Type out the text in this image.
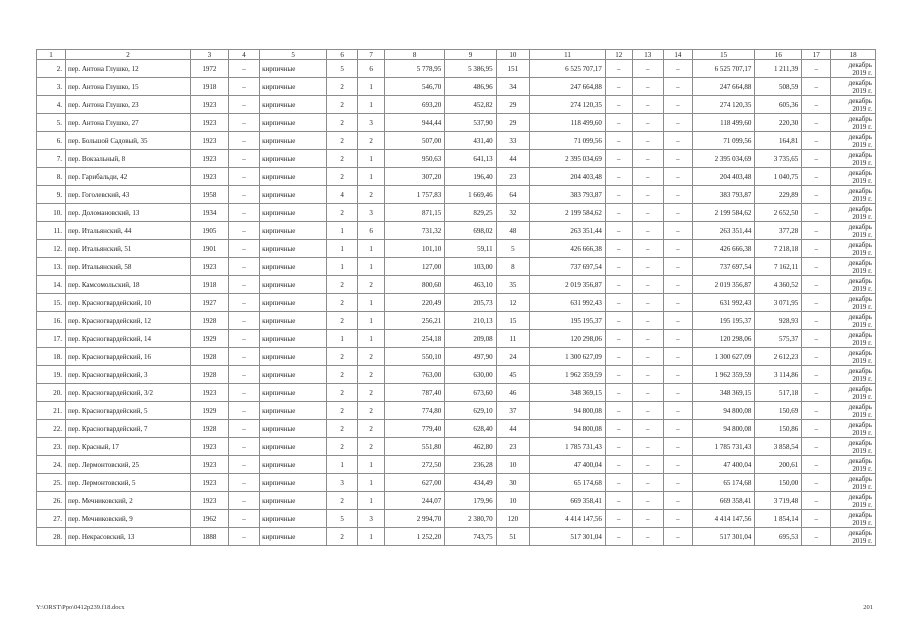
1	2	3	4	5	6	7	8	9	10	11	12	13	14	15	16	17	18
2.	пер. Антона Глушко, 12	1972	–	кирпичные	5	6	5 778,95	5 386,95	151	6 525 707,17	–	–	–	6 525 707,17	1 211,39	–	декабрь 2019 г.
3.	пер. Антона Глушко, 15	1918	–	кирпичные	2	1	546,70	486,96	34	247 664,88	–	–	–	247 664,88	508,59	–	декабрь 2019 г.
4.	пер. Антона Глушко, 23	1923	–	кирпичные	2	1	693,20	452,82	29	274 120,35	–	–	–	274 120,35	605,36	–	декабрь 2019 г.
5.	пер. Антона Глушко, 27	1923	–	кирпичные	2	3	944,44	537,90	29	118 499,60	–	–	–	118 499,60	220,30	–	декабрь 2019 г.
6.	пер. Большой Садовый, 35	1923	–	кирпичные	2	2	507,00	431,40	33	71 099,56	–	–	–	71 099,56	164,81	–	декабрь 2019 г.
7.	пер. Вокзальный, 8	1923	–	кирпичные	2	1	950,63	641,13	44	2 395 034,69	–	–	–	2 395 034,69	3 735,65	–	декабрь 2019 г.
8.	пер. Гарибальди, 42	1923	–	кирпичные	2	1	307,20	196,40	23	204 403,48	–	–	–	204 403,48	1 040,75	–	декабрь 2019 г.
9.	пер. Гоголевский, 43	1958	–	кирпичные	4	2	1 757,83	1 669,46	64	383 793,87	–	–	–	383 793,87	229,89	–	декабрь 2019 г.
10.	пер. Доломановский, 13	1934	–	кирпичные	2	3	871,15	829,25	32	2 199 584,62	–	–	–	2 199 584,62	2 652,50	–	декабрь 2019 г.
11.	пер. Итальянский, 44	1905	–	кирпичные	1	6	731,32	698,02	48	263 351,44	–	–	–	263 351,44	377,28	–	декабрь 2019 г.
12.	пер. Итальянский, 51	1901	–	кирпичные	1	1	101,10	59,11	5	426 666,38	–	–	–	426 666,38	7 218,18	–	декабрь 2019 г.
13.	пер. Итальянский, 58	1923	–	кирпичные	1	1	127,00	103,00	8	737 697,54	–	–	–	737 697,54	7 162,11	–	декабрь 2019 г.
14.	пер. Камсомольский, 18	1918	–	кирпичные	2	2	800,60	463,10	35	2 019 356,87	–	–	–	2 019 356,87	4 360,52	–	декабрь 2019 г.
15.	пер. Красногвардейский, 10	1927	–	кирпичные	2	1	220,49	205,73	12	631 992,43	–	–	–	631 992,43	3 071,95	–	декабрь 2019 г.
16.	пер. Красногвардейский, 12	1928	–	кирпичные	2	1	256,21	210,13	15	195 195,37	–	–	–	195 195,37	928,93	–	декабрь 2019 г.
17.	пер. Красногвардейский, 14	1929	–	кирпичные	1	1	254,18	209,08	11	120 298,06	–	–	–	120 298,06	575,37	–	декабрь 2019 г.
18.	пер. Красногвардейский, 16	1928	–	кирпичные	2	2	550,10	497,90	24	1 300 627,09	–	–	–	1 300 627,09	2 612,23	–	декабрь 2019 г.
19.	пер. Красногвардейский, 3	1928	–	кирпичные	2	2	763,00	630,00	45	1 962 359,59	–	–	–	1 962 359,59	3 114,86	–	декабрь 2019 г.
20.	пер. Красногвардейский, 3/2	1923	–	кирпичные	2	2	787,40	673,60	46	348 369,15	–	–	–	348 369,15	517,18	–	декабрь 2019 г.
21.	пер. Красногвардейский, 5	1929	–	кирпичные	2	2	774,80	629,10	37	94 800,08	–	–	–	94 800,08	150,69	–	декабрь 2019 г.
22.	пер. Красногвардейский, 7	1928	–	кирпичные	2	2	779,40	628,40	44	94 800,08	–	–	–	94 800,08	150,86	–	декабрь 2019 г.
23.	пер. Красный, 17	1923	–	кирпичные	2	2	551,80	462,80	23	1 785 731,43	–	–	–	1 785 731,43	3 858,54	–	декабрь 2019 г.
24.	пер. Лермонтовский, 25	1923	–	кирпичные	1	1	272,50	236,28	10	47 400,04	–	–	–	47 400,04	200,61	–	декабрь 2019 г.
25.	пер. Лермонтовский, 5	1923	–	кирпичные	3	1	627,00	434,49	30	65 174,68	–	–	–	65 174,68	150,00	–	декабрь 2019 г.
26.	пер. Мечниковский, 2	1923	–	кирпичные	2	1	244,07	179,96	10	669 358,41	–	–	–	669 358,41	3 719,48	–	декабрь 2019 г.
27.	пер. Мечниковский, 9	1962	–	кирпичные	5	3	2 994,70	2 380,70	120	4 414 147,56	–	–	–	4 414 147,56	1 854,14	–	декабрь 2019 г.
28.	пер. Некрасовский, 13	1888	–	кирпичные	2	1	1 252,20	743,75	51	517 301,04	–	–	–	517 301,04	695,53	–	декабрь 2019 г.
Y:\ORST\Ppo\0412p239.f18.docx	201
